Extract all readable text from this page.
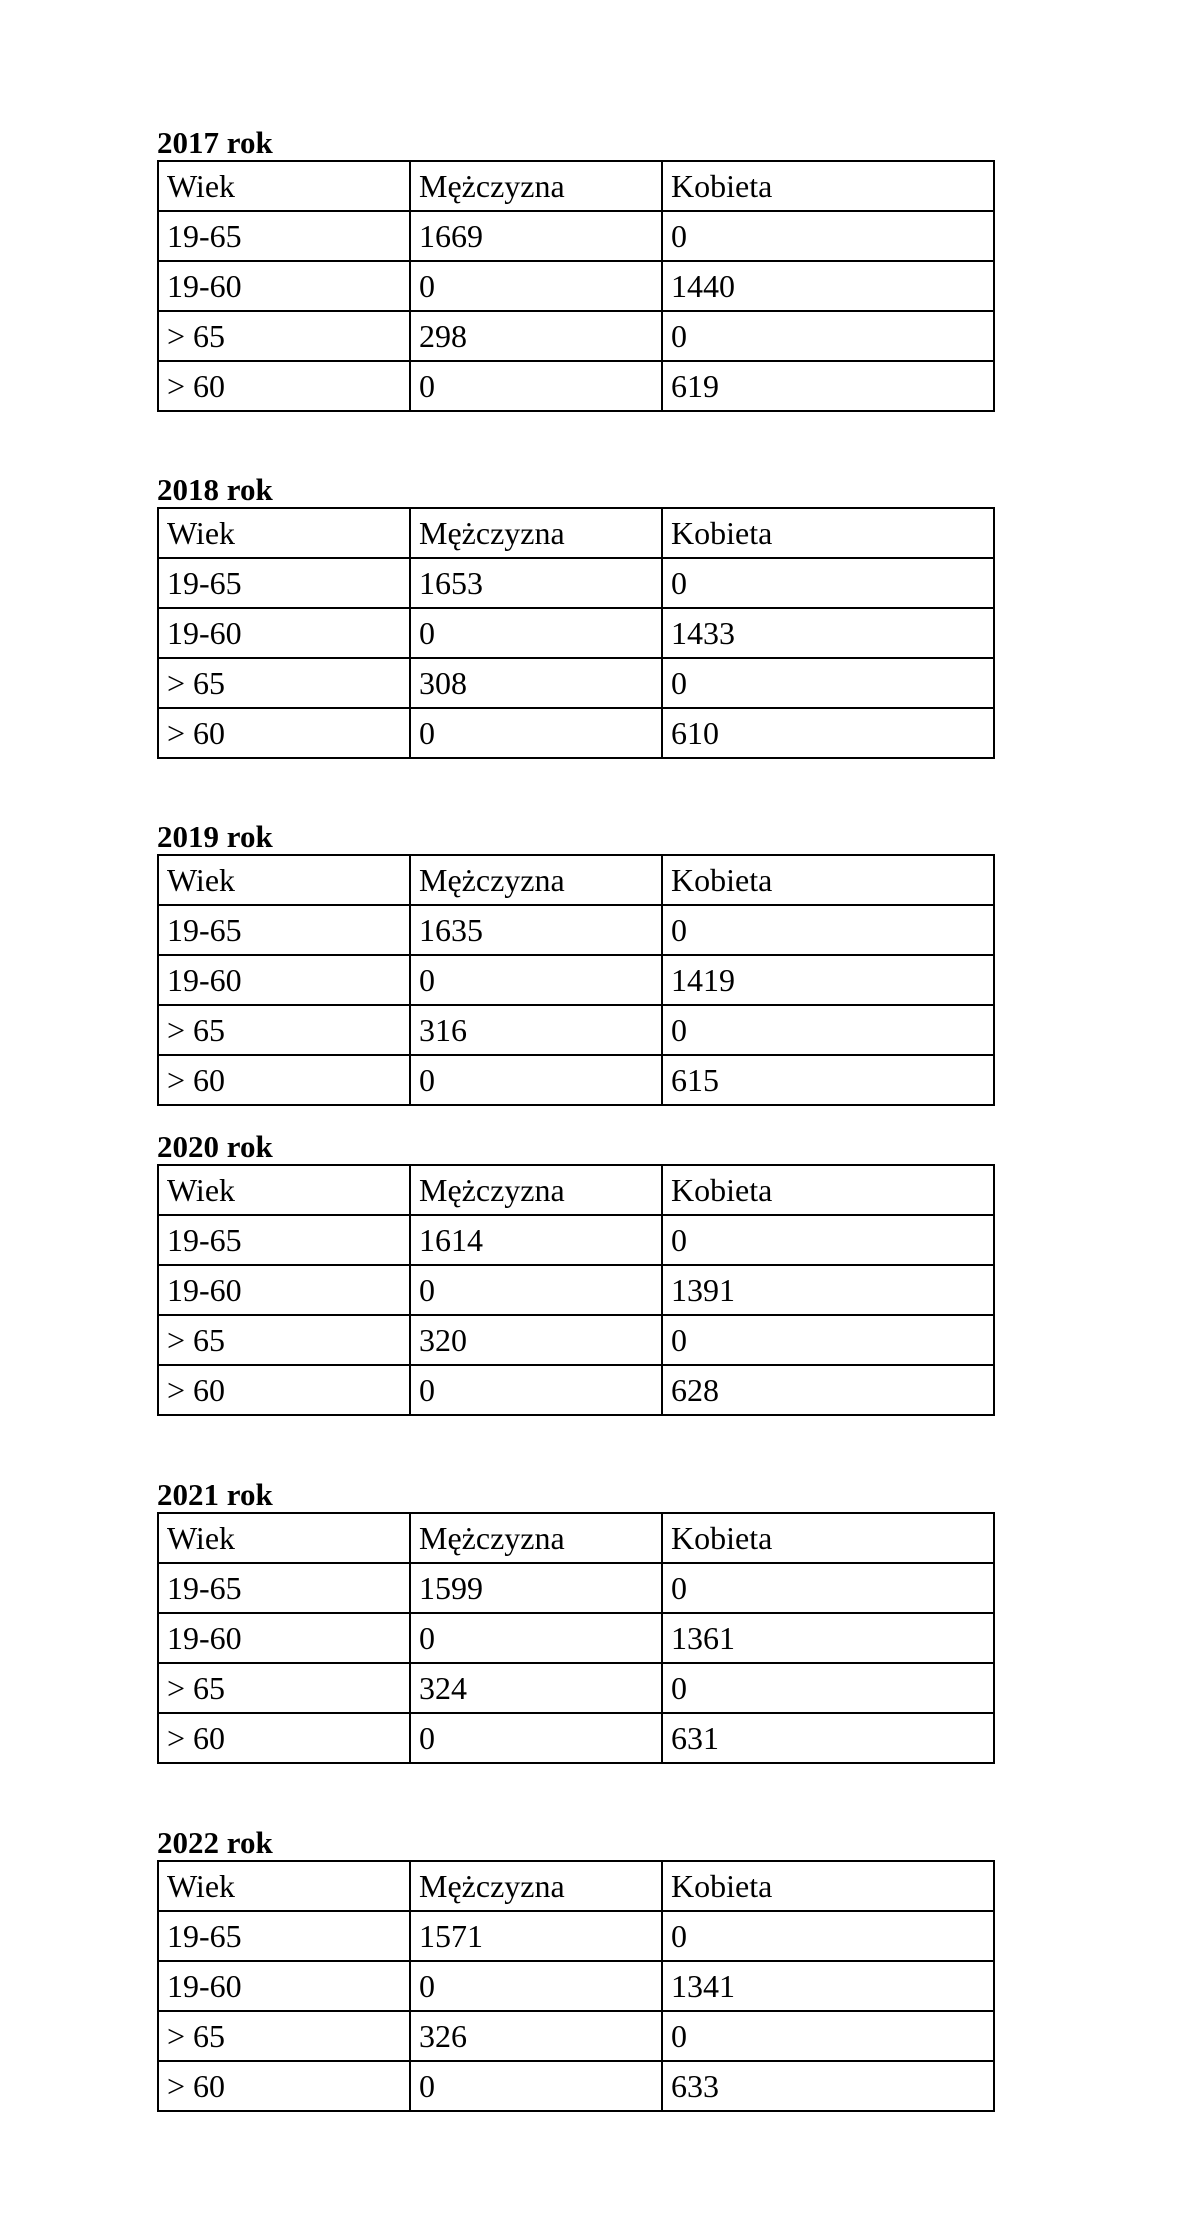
2017 rok
Wiek	Mężczyzna	Kobieta
19-65	1669	0
19-60	0	1440
> 65	298	0
> 60	0	619
2018 rok
Wiek	Mężczyzna	Kobieta
19-65	1653	0
19-60	0	1433
> 65	308	0
> 60	0	610
2019 rok
Wiek	Mężczyzna	Kobieta
19-65	1635	0
19-60	0	1419
> 65	316	0
> 60	0	615
2020 rok
Wiek	Mężczyzna	Kobieta
19-65	1614	0
19-60	0	1391
> 65	320	0
> 60	0	628
2021 rok
Wiek	Mężczyzna	Kobieta
19-65	1599	0
19-60	0	1361
> 65	324	0
> 60	0	631
2022 rok
Wiek	Mężczyzna	Kobieta
19-65	1571	0
19-60	0	1341
> 65	326	0
> 60	0	633
